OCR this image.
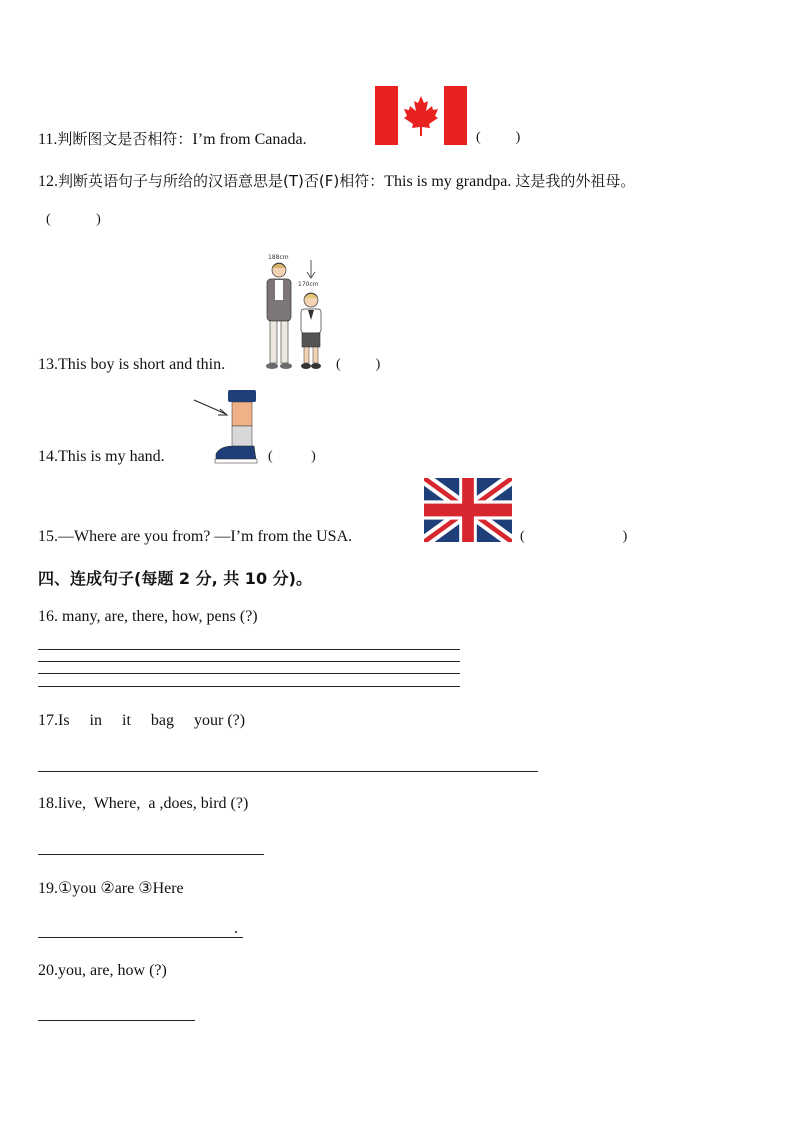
11.判断图文是否相符：I’m from Canada.	(          )
12.判断英语句子与所给的汉语意思是(T)否(F)相符：This is my grandpa. 这是我的外祖母。
(             )
188cm
170cm
13.This boy is short and thin.	(          )
14.This is my hand.	(           )
15.—Where are you from? —I’m from the USA.	(                            )
四、连成句子(每题 2 分, 共 10 分)。
16. many, are, there, how, pens (?)
17.Is     in     it     bag     your (?)
18.live,  Where,  a ,does, bird (?)
19.①you ②are ③Here
.
20.you, are, how (?)
